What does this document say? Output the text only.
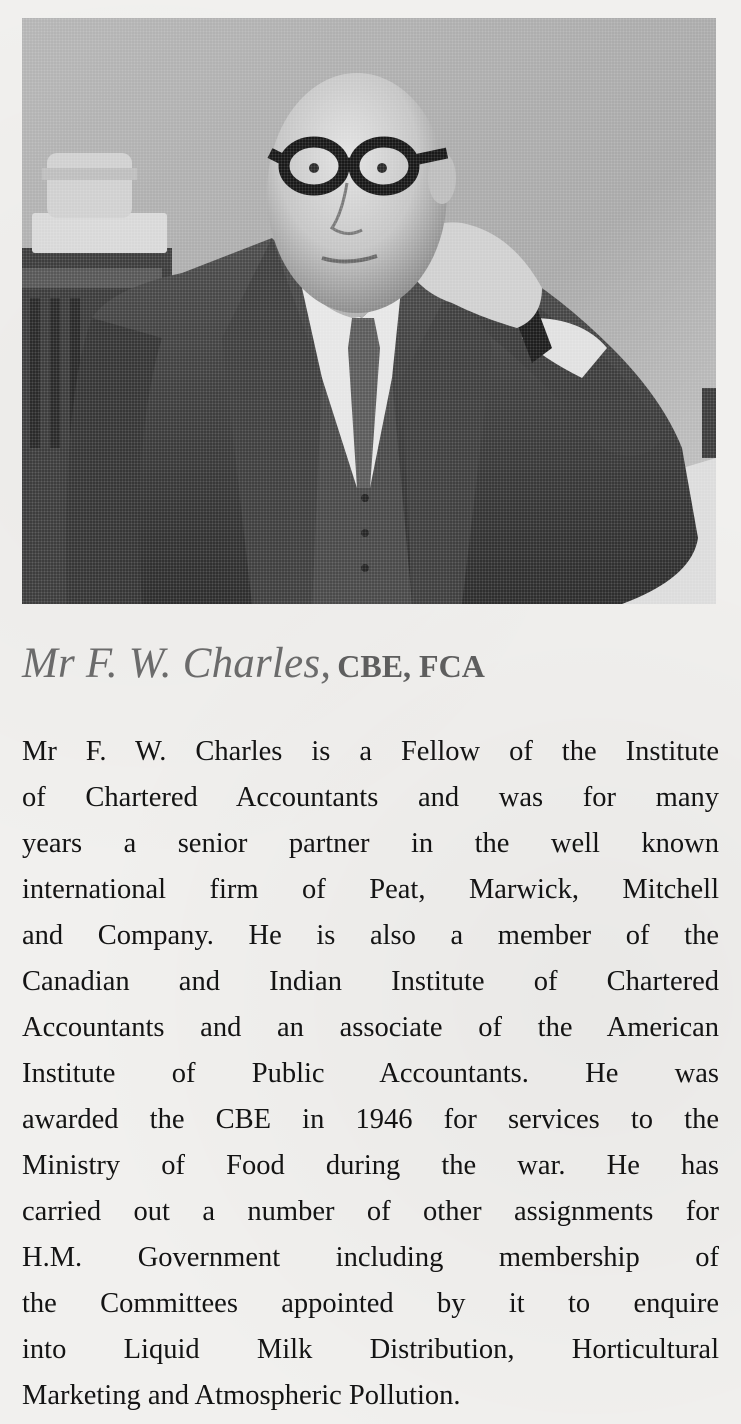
Mr F. W. Charles, CBE, FCA

Mr F. W. Charles is a Fellow of the Institute
of Chartered Accountants and was for many
years a senior partner in the well known
international firm of Peat, Marwick, Mitchell
and Company. He is also a member of the
Canadian and Indian Institute of Chartered
Accountants and an associate of the American
Institute of Public Accountants. He was
awarded the CBE in 1946 for services to the
Ministry of Food during the war. He has
carried out a number of other assignments for
H.M. Government including membership of
the Committees appointed by it to enquire
into Liquid Milk Distribution, Horticultural
Marketing and Atmospheric Pollution.
